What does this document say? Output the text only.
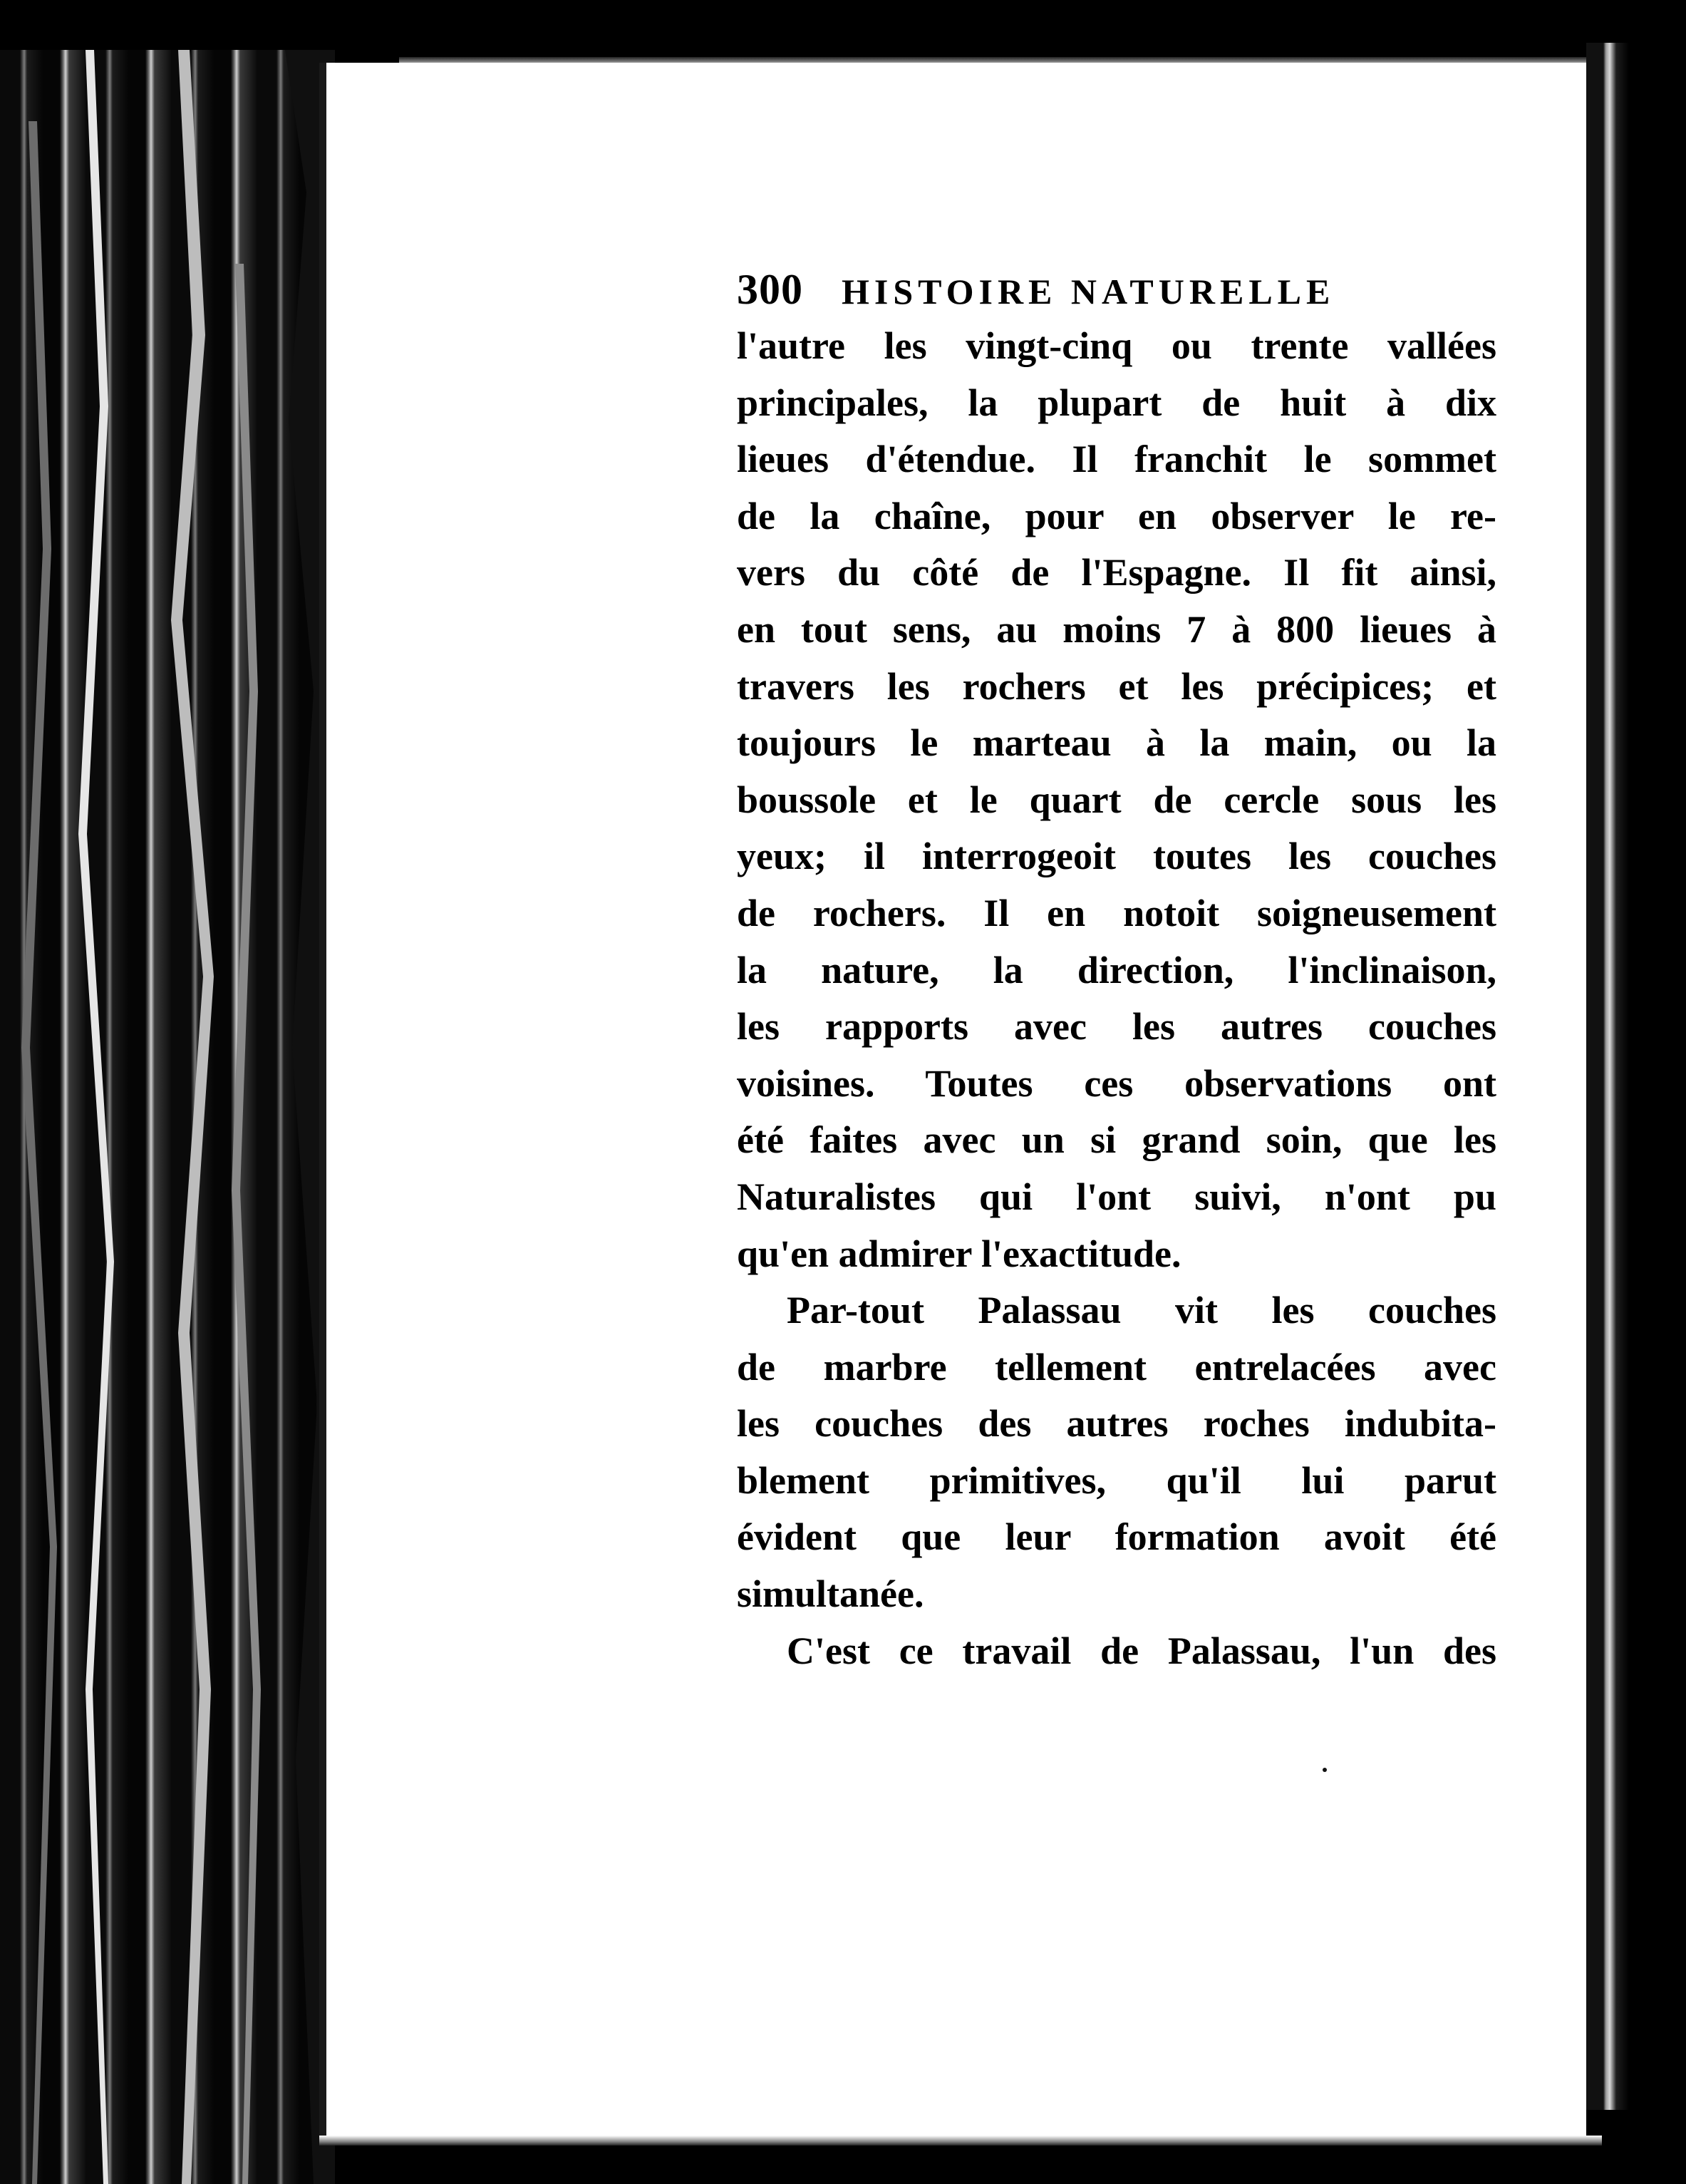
300 HISTOIRE NATURELLE
l'autre les vingt-cinq ou trente vallées
principales, la plupart de huit à dix
lieues d'étendue. Il franchit le sommet
de la chaîne, pour en observer le re-
vers du côté de l'Espagne. Il fit ainsi,
en tout sens, au moins 7 à 800 lieues à
travers les rochers et les précipices; et
toujours le marteau à la main, ou la
boussole et le quart de cercle sous les
yeux; il interrogeoit toutes les couches
de rochers. Il en notoit soigneusement
la nature, la direction, l'inclinaison,
les rapports avec les autres couches
voisines. Toutes ces observations ont
été faites avec un si grand soin, que les
Naturalistes qui l'ont suivi, n'ont pu
qu'en admirer l'exactitude.
Par-tout Palassau vit les couches
de marbre tellement entrelacées avec
les couches des autres roches indubita-
blement primitives, qu'il lui parut
évident que leur formation avoit été
simultanée.
C'est ce travail de Palassau, l'un des
